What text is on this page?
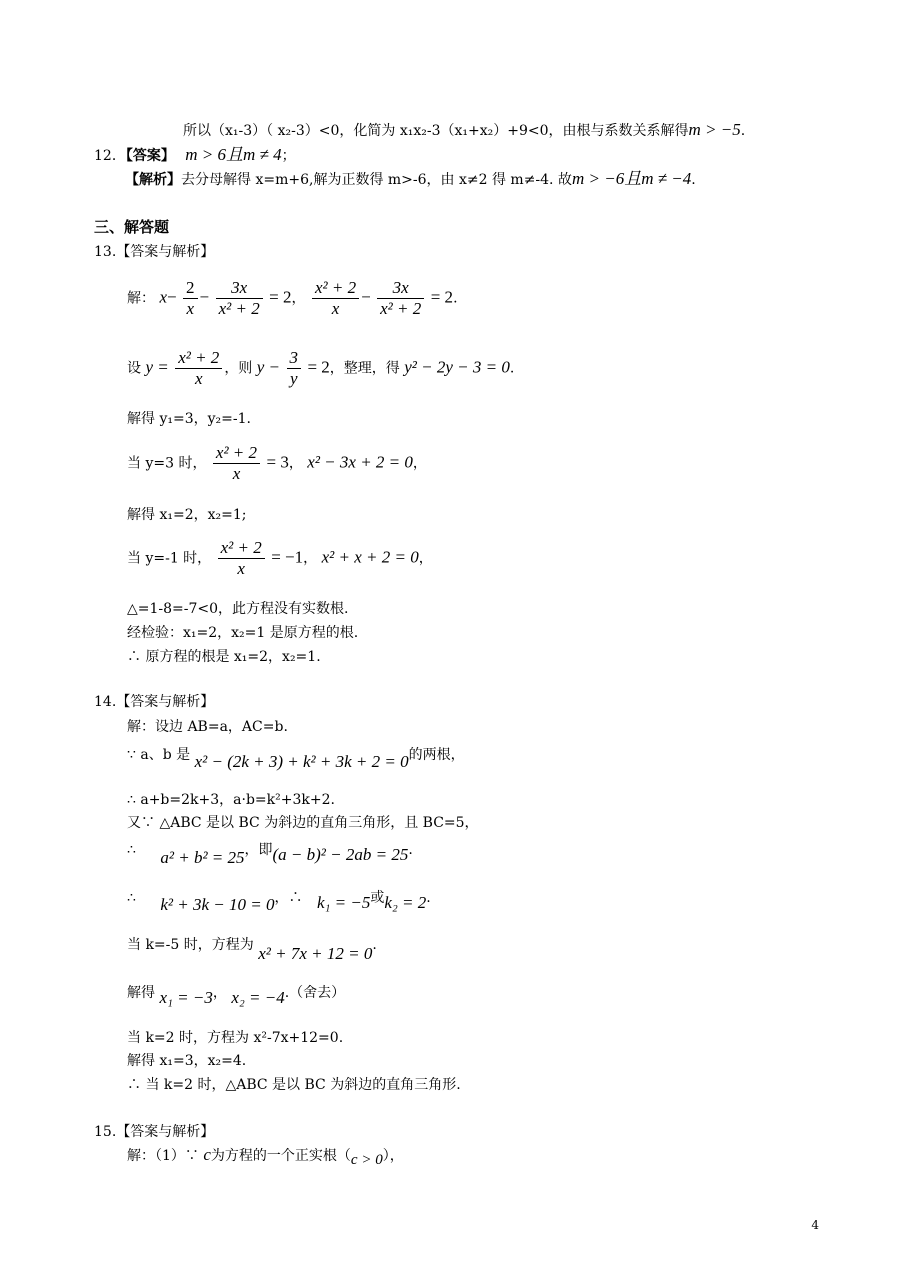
所以（x₁-3）（ x₂-3）<0，化简为 x₁x₂-3（x₁+x₂）+9<0，由根与系数关系解得m > −5.
12．【答案】 m > 6且m ≠ 4；
【解析】去分母解得 x=m+6,解为正数得 m>-6，由 x≠2 得 m≠-4. 故m > −6且m ≠ −4.
三、解答题
13.【答案与解析】
解： $x- \frac{2}{x} - \frac{3x}{\text{x² + 2}} = 2$， $\frac{\text{x² + 2}}{x} - \frac{3x}{\text{x² + 2}} = 2$.
设 $y = \frac{\text{x² + 2}}{x}$ ，则 $y - \frac{3}{y} = 2$，整理，得 y² − 2y − 3 = 0.
解得 y₁=3，y₂=-1.
当 y=3 时， $\frac{\text{x² + 2}}{x} = 3$， x² − 3x + 2 = 0，
解得 x₁=2，x₂=1;
当 y=-1 时， $\frac{\text{x² + 2}}{x} = -1$， x² + x + 2 = 0，
△=1-8=-7<0，此方程没有实数根.
经检验：x₁=2，x₂=1 是原方程的根.
∴ 原方程的根是 x₁=2，x₂=1.
14.【答案与解析】
解：设边 AB=a，AC=b.
∵ a、b 是 x² − (2k + 3) + k² + 3k + 2 = 0的两根，
∴ a+b=2k+3，a·b=k²+3k+2.
又∵ △ABC 是以 BC 为斜边的直角三角形，且 BC=5，
∴ a² + b² = 25，即(a − b)² − 2ab = 25.
∴ k² + 3k − 10 = 0，∴ k₁ = −5或k₂ = 2.
当 k=-5 时，方程为 x² + 7x + 12 = 0.
解得 x₁ = −3， x₂ = −4.（舍去）
当 k=2 时，方程为 x²-7x+12=0.
解得 x₁=3，x₂=4.
∴ 当 k=2 时，△ABC 是以 BC 为斜边的直角三角形.
15.【答案与解析】
解：（1）∵ c为方程的一个正实根（c > 0），
4
